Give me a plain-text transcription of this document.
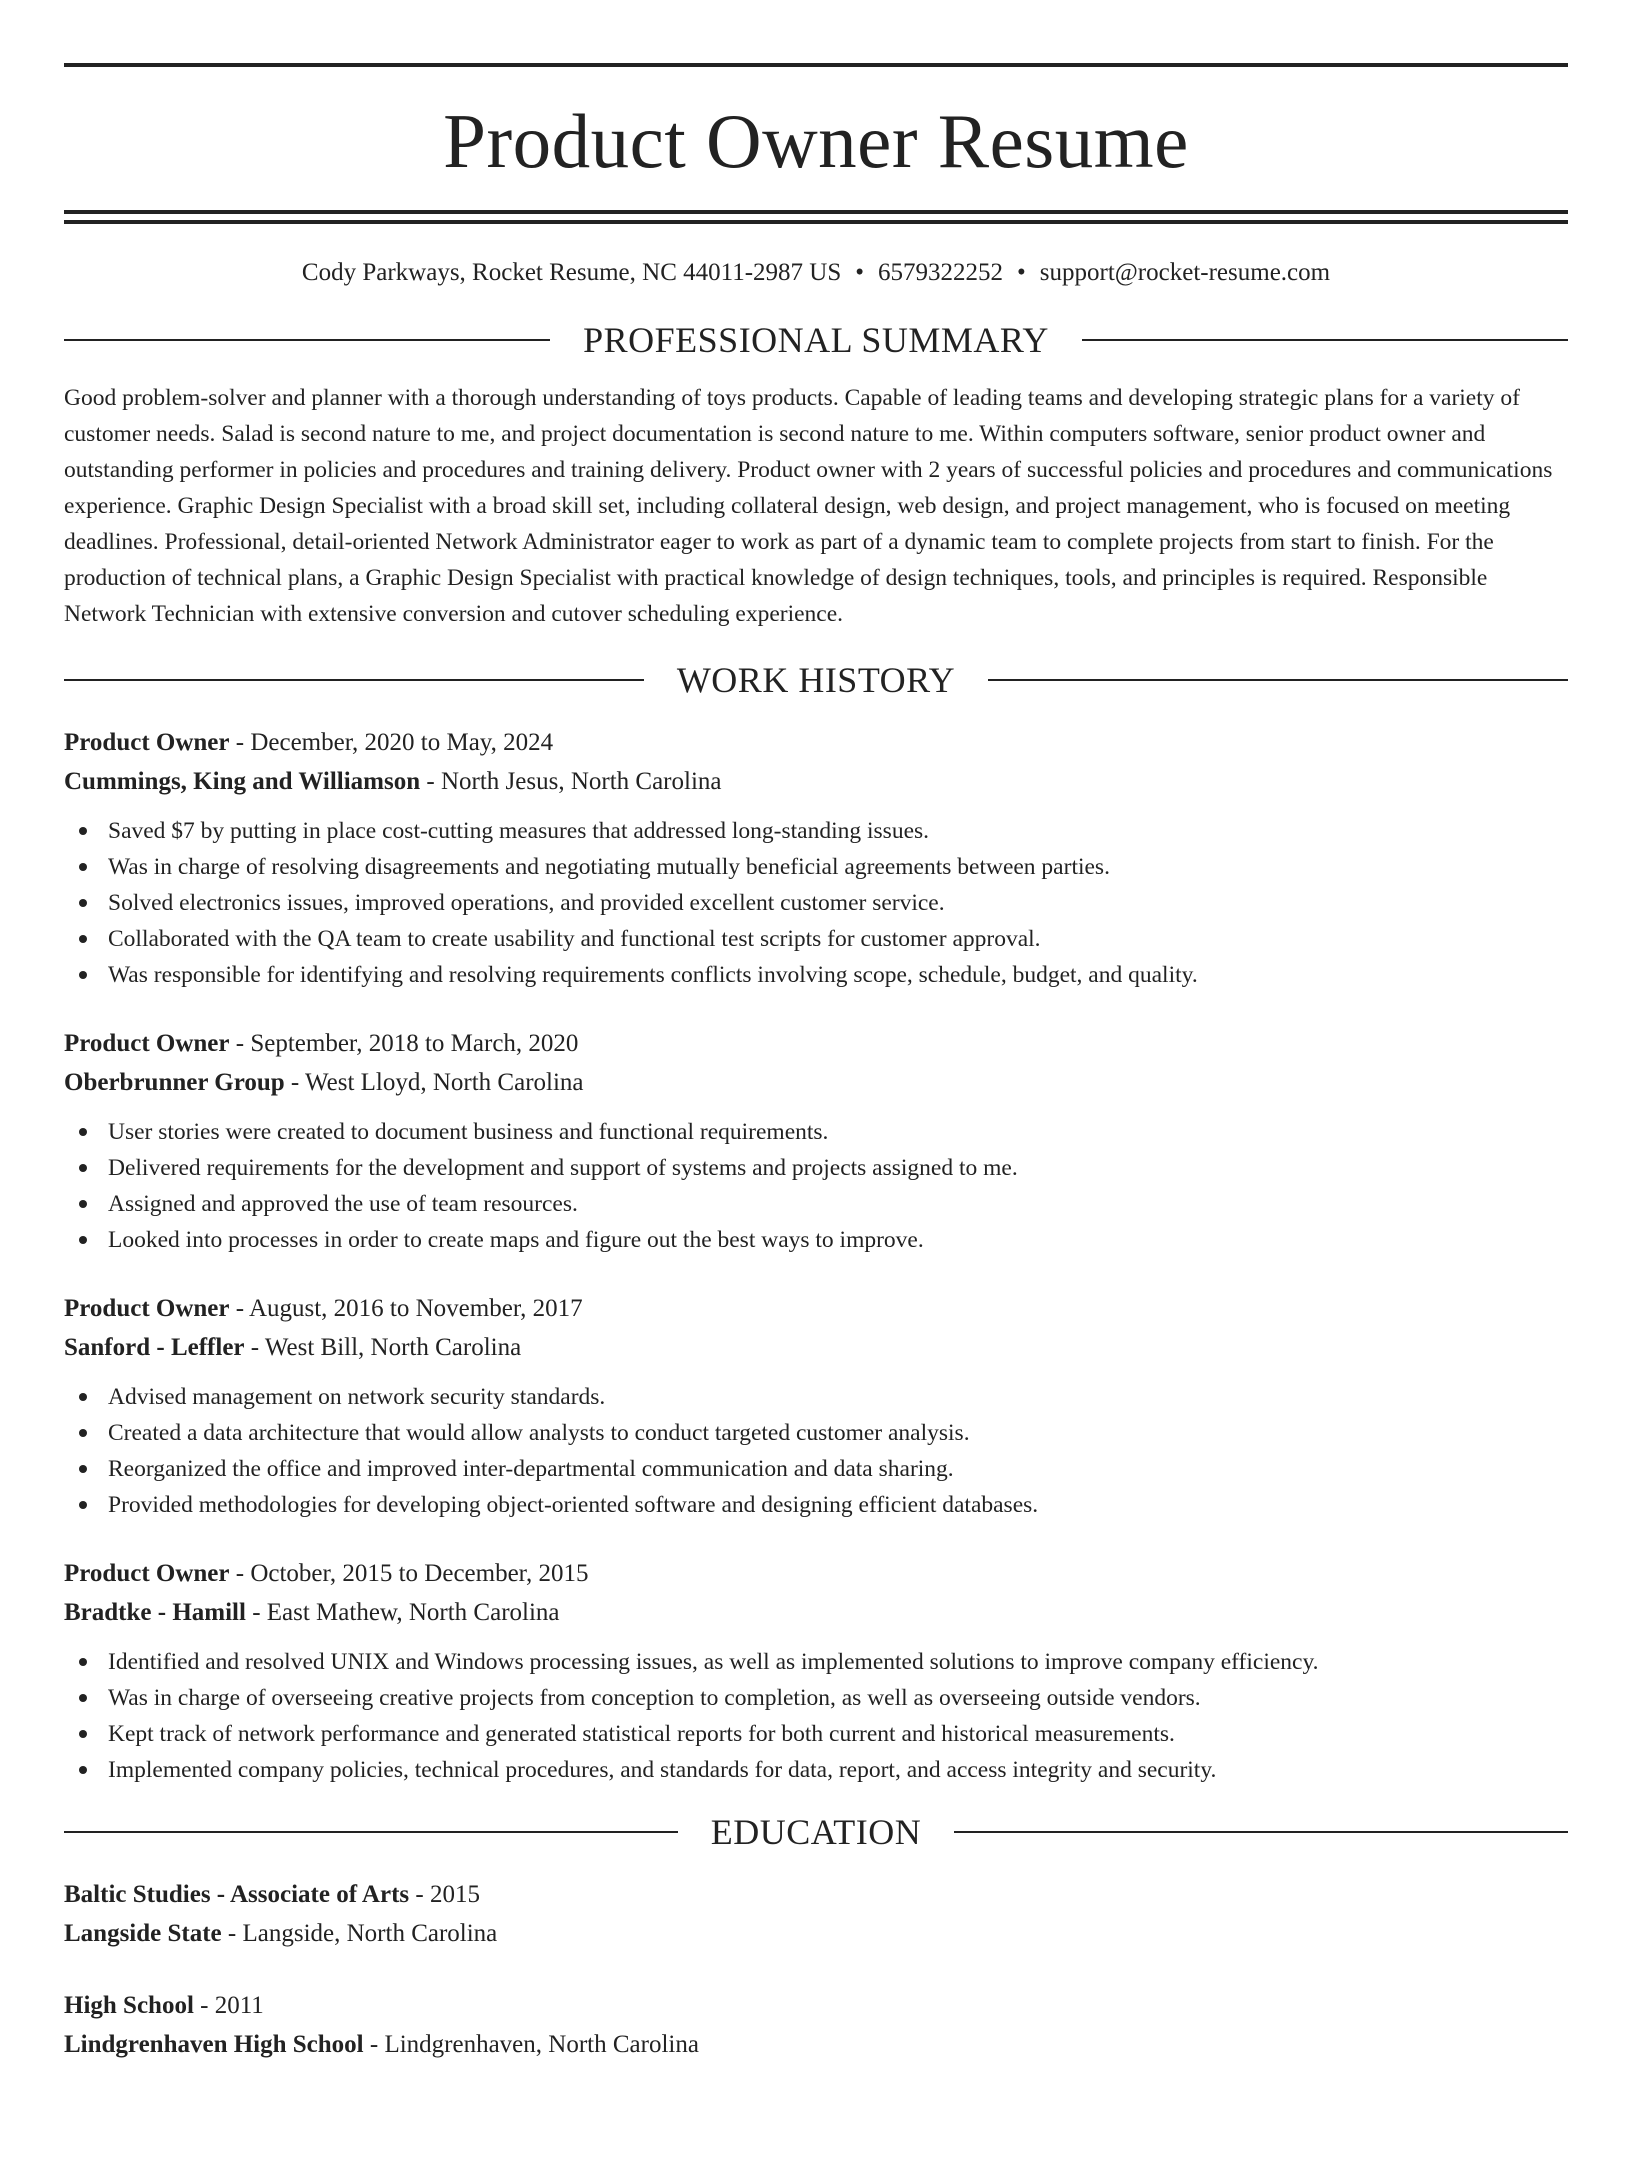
Product Owner Resume
Cody Parkways, Rocket Resume, NC 44011-2987 US • 6579322252 • support@rocket-resume.com
PROFESSIONAL SUMMARY
Good problem-solver and planner with a thorough understanding of toys products. Capable of leading teams and developing strategic plans for a variety of customer needs. Salad is second nature to me, and project documentation is second nature to me. Within computers software, senior product owner and outstanding performer in policies and procedures and training delivery. Product owner with 2 years of successful policies and procedures and communications experience. Graphic Design Specialist with a broad skill set, including collateral design, web design, and project management, who is focused on meeting deadlines. Professional, detail-oriented Network Administrator eager to work as part of a dynamic team to complete projects from start to finish. For the production of technical plans, a Graphic Design Specialist with practical knowledge of design techniques, tools, and principles is required. Responsible Network Technician with extensive conversion and cutover scheduling experience.
WORK HISTORY
Product Owner - December, 2020 to May, 2024
Cummings, King and Williamson - North Jesus, North Carolina
Saved $7 by putting in place cost-cutting measures that addressed long-standing issues.
Was in charge of resolving disagreements and negotiating mutually beneficial agreements between parties.
Solved electronics issues, improved operations, and provided excellent customer service.
Collaborated with the QA team to create usability and functional test scripts for customer approval.
Was responsible for identifying and resolving requirements conflicts involving scope, schedule, budget, and quality.
Product Owner - September, 2018 to March, 2020
Oberbrunner Group - West Lloyd, North Carolina
User stories were created to document business and functional requirements.
Delivered requirements for the development and support of systems and projects assigned to me.
Assigned and approved the use of team resources.
Looked into processes in order to create maps and figure out the best ways to improve.
Product Owner - August, 2016 to November, 2017
Sanford - Leffler - West Bill, North Carolina
Advised management on network security standards.
Created a data architecture that would allow analysts to conduct targeted customer analysis.
Reorganized the office and improved inter-departmental communication and data sharing.
Provided methodologies for developing object-oriented software and designing efficient databases.
Product Owner - October, 2015 to December, 2015
Bradtke - Hamill - East Mathew, North Carolina
Identified and resolved UNIX and Windows processing issues, as well as implemented solutions to improve company efficiency.
Was in charge of overseeing creative projects from conception to completion, as well as overseeing outside vendors.
Kept track of network performance and generated statistical reports for both current and historical measurements.
Implemented company policies, technical procedures, and standards for data, report, and access integrity and security.
EDUCATION
Baltic Studies - Associate of Arts - 2015
Langside State - Langside, North Carolina
High School - 2011
Lindgrenhaven High School - Lindgrenhaven, North Carolina
